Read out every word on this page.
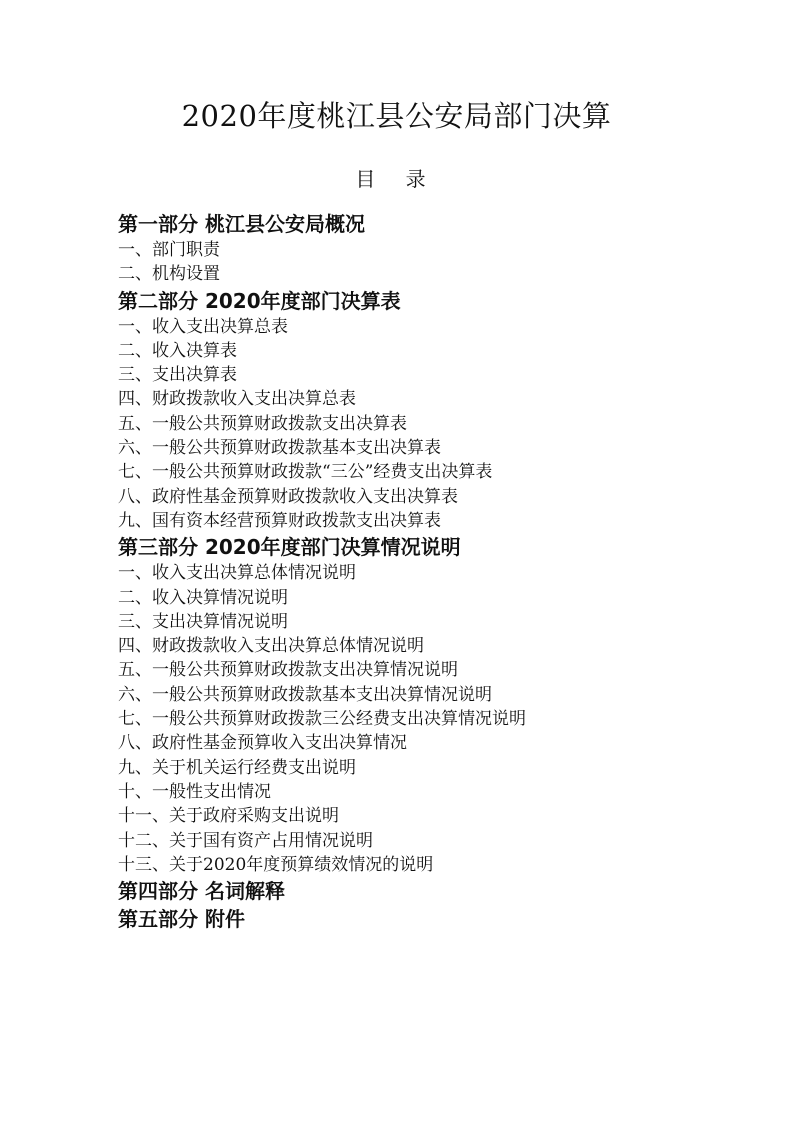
2020年度桃江县公安局部门决算
目 录
第一部分 桃江县公安局概况
一、部门职责
二、机构设置
第二部分 2020年度部门决算表
一、收入支出决算总表
二、收入决算表
三、支出决算表
四、财政拨款收入支出决算总表
五、一般公共预算财政拨款支出决算表
六、一般公共预算财政拨款基本支出决算表
七、一般公共预算财政拨款“三公”经费支出决算表
八、政府性基金预算财政拨款收入支出决算表
九、国有资本经营预算财政拨款支出决算表
第三部分 2020年度部门决算情况说明
一、收入支出决算总体情况说明
二、收入决算情况说明
三、支出决算情况说明
四、财政拨款收入支出决算总体情况说明
五、一般公共预算财政拨款支出决算情况说明
六、一般公共预算财政拨款基本支出决算情况说明
七、一般公共预算财政拨款三公经费支出决算情况说明
八、政府性基金预算收入支出决算情况
九、关于机关运行经费支出说明
十、一般性支出情况
十一、关于政府采购支出说明
十二、关于国有资产占用情况说明
十三、关于2020年度预算绩效情况的说明
第四部分 名词解释
第五部分 附件
